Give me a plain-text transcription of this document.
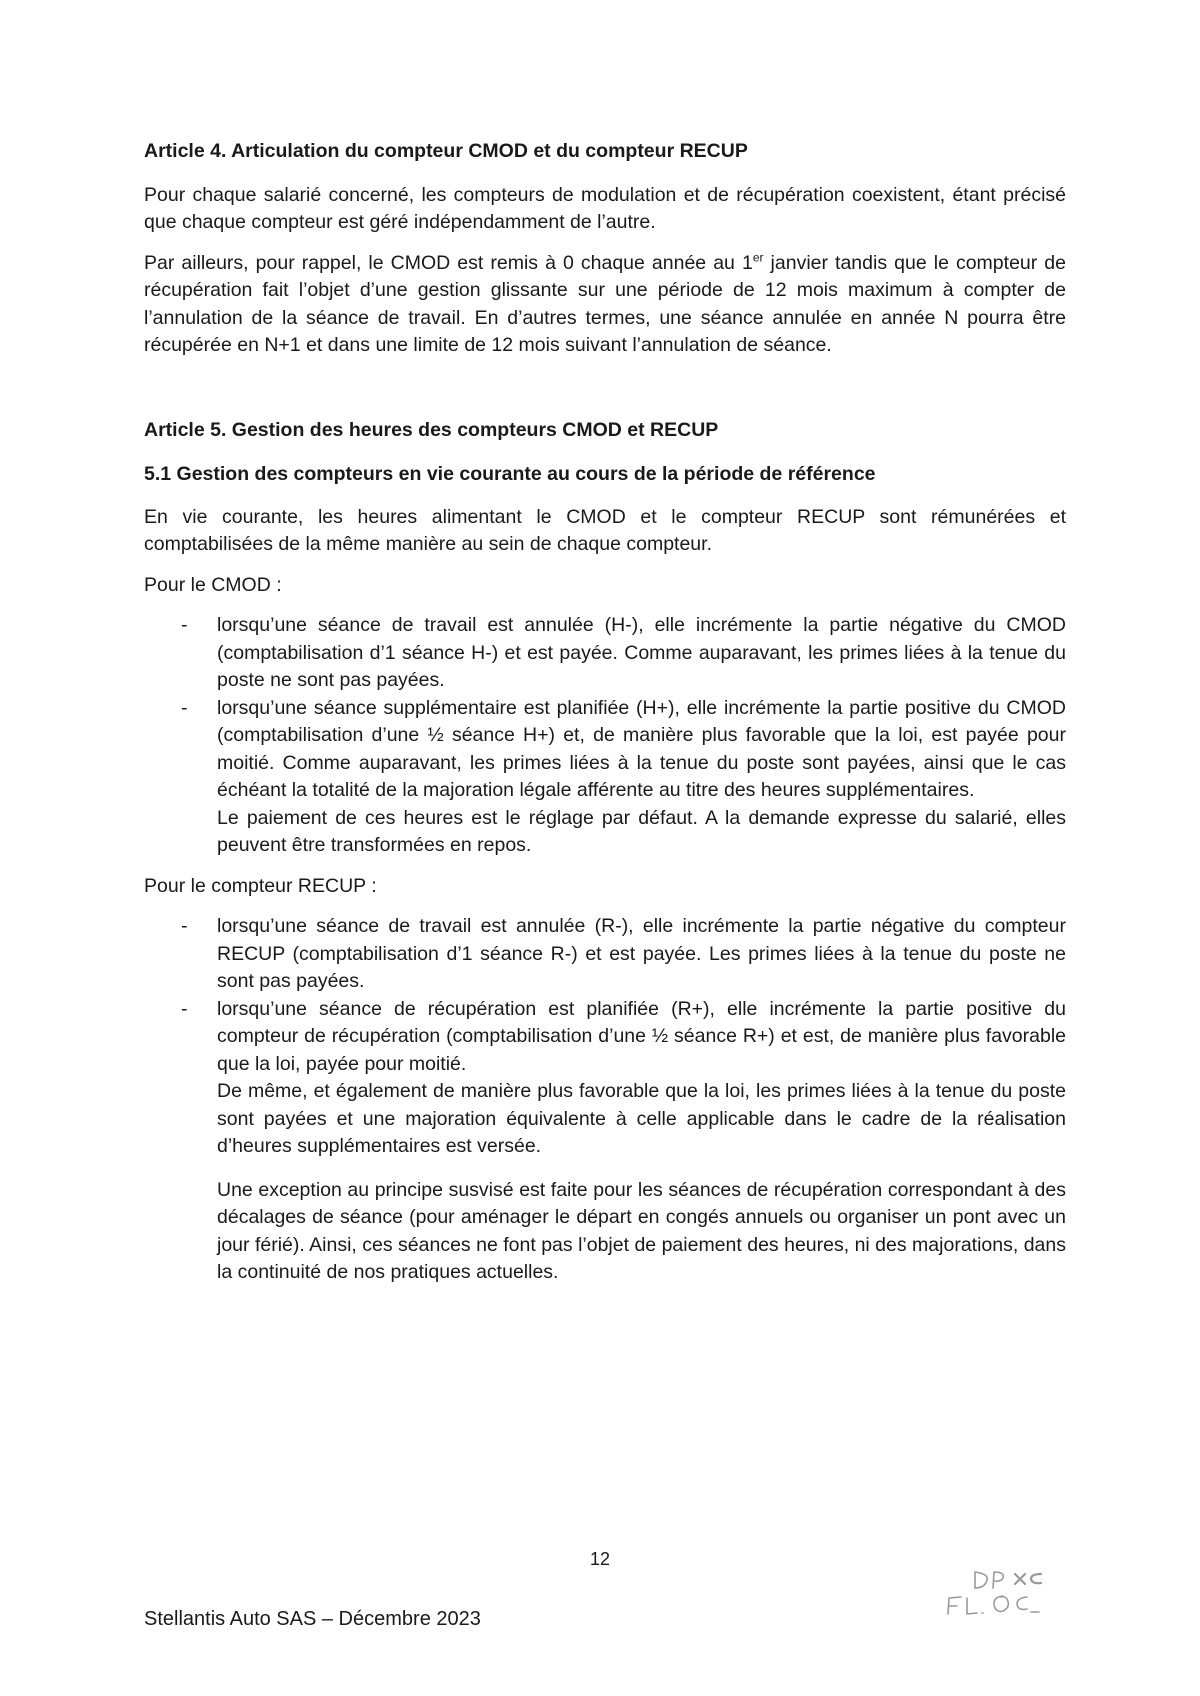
Article 4. Articulation du compteur CMOD et du compteur RECUP

Pour chaque salarié concerné, les compteurs de modulation et de récupération coexistent, étant précisé que chaque compteur est géré indépendamment de l’autre.

Par ailleurs, pour rappel, le CMOD est remis à 0 chaque année au 1er janvier tandis que le compteur de récupération fait l’objet d’une gestion glissante sur une période de 12 mois maximum à compter de l’annulation de la séance de travail. En d’autres termes, une séance annulée en année N pourra être récupérée en N+1 et dans une limite de 12 mois suivant l’annulation de séance.

Article 5. Gestion des heures des compteurs CMOD et RECUP

5.1 Gestion des compteurs en vie courante au cours de la période de référence

En vie courante, les heures alimentant le CMOD et le compteur RECUP sont rémunérées et comptabilisées de la même manière au sein de chaque compteur.

Pour le CMOD :

- lorsqu’une séance de travail est annulée (H-), elle incrémente la partie négative du CMOD (comptabilisation d’1 séance H-) et est payée. Comme auparavant, les primes liées à la tenue du poste ne sont pas payées.

- lorsqu’une séance supplémentaire est planifiée (H+), elle incrémente la partie positive du CMOD (comptabilisation d’une ½ séance H+) et, de manière plus favorable que la loi, est payée pour moitié. Comme auparavant, les primes liées à la tenue du poste sont payées, ainsi que le cas échéant la totalité de la majoration légale afférente au titre des heures supplémentaires.

Le paiement de ces heures est le réglage par défaut. A la demande expresse du salarié, elles peuvent être transformées en repos.

Pour le compteur RECUP :

- lorsqu’une séance de travail est annulée (R-), elle incrémente la partie négative du compteur RECUP (comptabilisation d’1 séance R-) et est payée. Les primes liées à la tenue du poste ne sont pas payées.

- lorsqu’une séance de récupération est planifiée (R+), elle incrémente la partie positive du compteur de récupération (comptabilisation d’une ½ séance R+) et est, de manière plus favorable que la loi, payée pour moitié.

De même, et également de manière plus favorable que la loi, les primes liées à la tenue du poste sont payées et une majoration équivalente à celle applicable dans le cadre de la réalisation d’heures supplémentaires est versée.

Une exception au principe susvisé est faite pour les séances de récupération correspondant à des décalages de séance (pour aménager le départ en congés annuels ou organiser un pont avec un jour férié). Ainsi, ces séances ne font pas l’objet de paiement des heures, ni des majorations, dans la continuité de nos pratiques actuelles.

12
Stellantis Auto SAS – Décembre 2023
